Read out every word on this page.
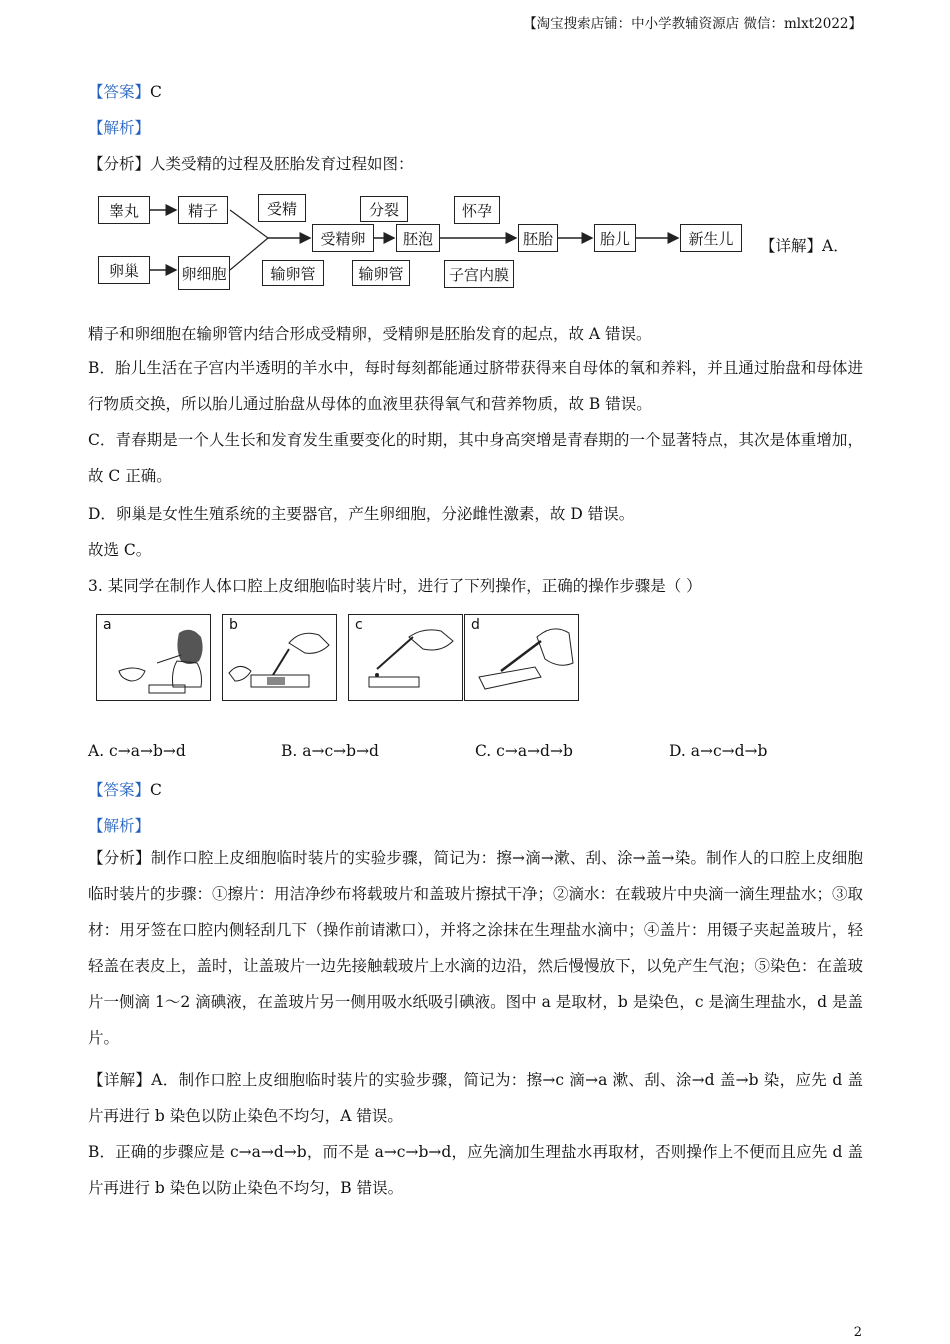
【淘宝搜索店铺：中小学教辅资源店 微信：mlxt2022】
【答案】C
【解析】
【分析】人类受精的过程及胚胎发育过程如图：
睾丸	精子
卵巢	卵细胞
受精
输卵管
受精卵
分裂
胚泡
输卵管
怀孕
胚胎
子宫内膜
胎儿	新生儿	【详解】A．
精子和卵细胞在输卵管内结合形成受精卵，受精卵是胚胎发育的起点，故 A 错误。
B．胎儿生活在子宫内半透明的羊水中，每时每刻都能通过脐带获得来自母体的氧和养料，并且通过胎盘和母体进行物质交换，所以胎儿通过胎盘从母体的血液里获得氧气和营养物质，故 B 错误。
C．青春期是一个人生长和发育发生重要变化的时期，其中身高突增是青春期的一个显著特点，其次是体重增加，故 C 正确。
D．卵巢是女性生殖系统的主要器官，产生卵细胞，分泌雌性激素，故 D 错误。
故选 C。
3. 某同学在制作人体口腔上皮细胞临时装片时，进行了下列操作，正确的操作步骤是（ ）
a	b	c	d
A. c→a→b→d	B. a→c→b→d	C. c→a→d→b	D. a→c→d→b
【答案】C
【解析】
【分析】制作口腔上皮细胞临时装片的实验步骤，简记为：擦→滴→漱、刮、涂→盖→染。制作人的口腔上皮细胞临时装片的步骤：①擦片：用洁净纱布将载玻片和盖玻片擦拭干净；②滴水：在载玻片中央滴一滴生理盐水；③取材：用牙签在口腔内侧轻刮几下（操作前请漱口），并将之涂抹在生理盐水滴中；④盖片：用镊子夹起盖玻片，轻轻盖在表皮上，盖时，让盖玻片一边先接触载玻片上水滴的边沿，然后慢慢放下，以免产生气泡；⑤染色：在盖玻片一侧滴 1～2 滴碘液，在盖玻片另一侧用吸水纸吸引碘液。图中 a 是取材，b 是染色，c 是滴生理盐水，d 是盖片。
【详解】A．制作口腔上皮细胞临时装片的实验步骤，简记为：擦→c 滴→a 漱、刮、涂→d 盖→b 染，应先 d 盖片再进行 b 染色以防止染色不均匀，A 错误。
B．正确的步骤应是 c→a→d→b，而不是 a→c→b→d，应先滴加生理盐水再取材，否则操作上不便而且应先 d 盖片再进行 b 染色以防止染色不均匀，B 错误。
2
